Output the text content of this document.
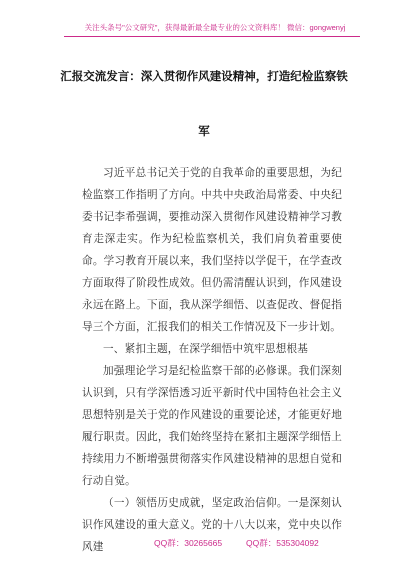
关注头条号"公文研究"，获得最新最全最专业的公文资料库！ 微信：gongwenyj
汇报交流发言：深入贯彻作风建设精神，打造纪检监察铁
军
习近平总书记关于党的自我革命的重要思想，为纪检监察工作指明了方向。中共中央政治局常委、中央纪委书记李希强调，要推动深入贯彻作风建设精神学习教育走深走实。作为纪检监察机关，我们肩负着重要使命。学习教育开展以来，我们坚持以学促干，在学查改方面取得了阶段性成效。但仍需清醒认识到，作风建设永远在路上。下面，我从深学细悟、以查促改、督促指导三个方面，汇报我们的相关工作情况及下一步计划。
一、紧扣主题，在深学细悟中筑牢思想根基
加强理论学习是纪检监察干部的必修课。我们深刻认识到，只有学深悟透习近平新时代中国特色社会主义思想特别是关于党的作风建设的重要论述，才能更好地履行职责。因此，我们始终坚持在紧扣主题深学细悟上持续用力不断增强贯彻落实作风建设精神的思想自觉和行动自觉。
（一）领悟历史成就，坚定政治信仰。一是深刻认识作风建设的重大意义。党的十八大以来，党中央以作风建	QQ群：30265665	QQ群：535304092
